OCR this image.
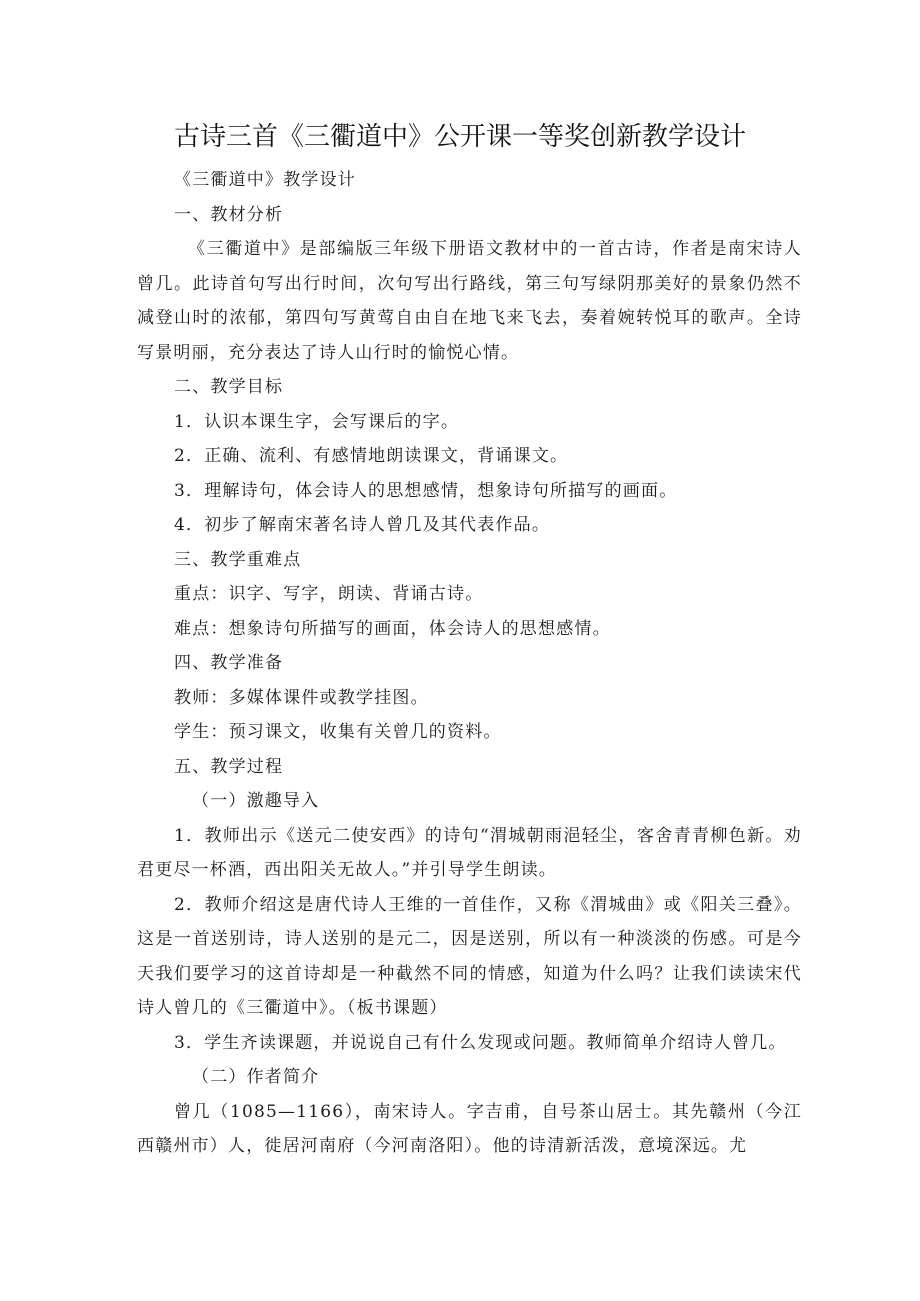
古诗三首《三衢道中》公开课一等奖创新教学设计

《三衢道中》教学设计

一、教材分析

《三衢道中》是部编版三年级下册语文教材中的一首古诗，作者是南宋诗人曾几。此诗首句写出行时间，次句写出行路线，第三句写绿阴那美好的景象仍然不减登山时的浓郁，第四句写黄莺自由自在地飞来飞去，奏着婉转悦耳的歌声。全诗写景明丽，充分表达了诗人山行时的愉悦心情。

二、教学目标

1．认识本课生字，会写课后的字。

2．正确、流利、有感情地朗读课文，背诵课文。

3．理解诗句，体会诗人的思想感情，想象诗句所描写的画面。

4．初步了解南宋著名诗人曾几及其代表作品。

三、教学重难点

重点：识字、写字，朗读、背诵古诗。

难点：想象诗句所描写的画面，体会诗人的思想感情。

四、教学准备

教师：多媒体课件或教学挂图。

学生：预习课文，收集有关曾几的资料。

五、教学过程

（一）激趣导入

1．教师出示《送元二使安西》的诗句“渭城朝雨浥轻尘，客舍青青柳色新。劝君更尽一杯酒，西出阳关无故人。”并引导学生朗读。

2．教师介绍这是唐代诗人王维的一首佳作，又称《渭城曲》或《阳关三叠》。这是一首送别诗，诗人送别的是元二，因是送别，所以有一种淡淡的伤感。可是今天我们要学习的这首诗却是一种截然不同的情感，知道为什么吗？让我们读读宋代诗人曾几的《三衢道中》。（板书课题）

3．学生齐读课题，并说说自己有什么发现或问题。教师简单介绍诗人曾几。

（二）作者简介

曾几（1085—1166），南宋诗人。字吉甫，自号茶山居士。其先赣州（今江西赣州市）人，徙居河南府（今河南洛阳）。他的诗清新活泼，意境深远。尤
